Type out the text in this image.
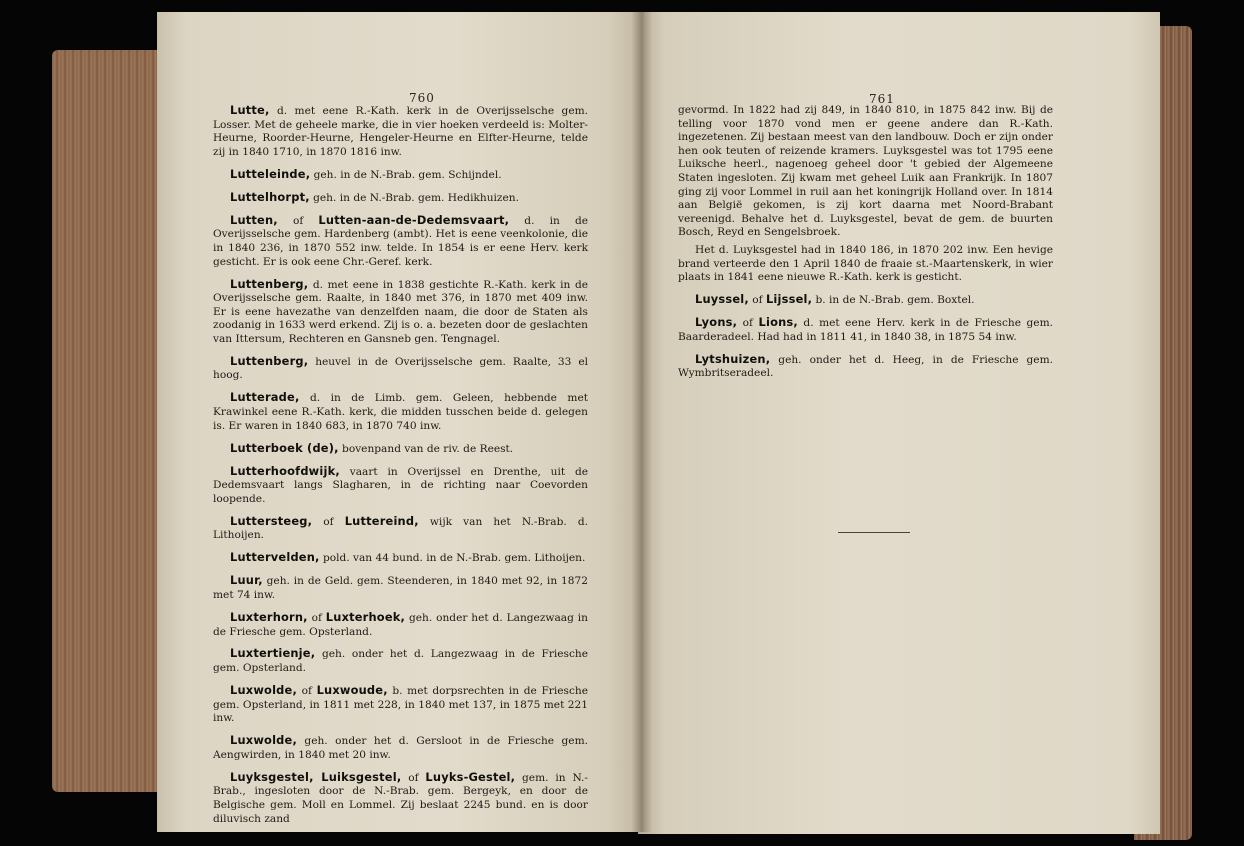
760	761

Lutte, d. met eene R.-Kath. kerk in de Overijsselsche gem. Losser. Met de geheele marke, die in vier hoeken verdeeld is: Molter-Heurne, Roorder-Heurne, Hengeler-Heurne en Elfter-Heurne, telde zij in 1840 1710, in 1870 1816 inw.

Lutteleinde, geh. in de N.-Brab. gem. Schijndel.

Luttelhorpt, geh. in de N.-Brab. gem. Hedikhuizen.

Lutten, of Lutten-aan-de-Dedemsvaart, d. in de Overijsselsche gem. Hardenberg (ambt). Het is eene veenkolonie, die in 1840 236, in 1870 552 inw. telde. In 1854 is er eene Herv. kerk gesticht. Er is ook eene Chr.-Geref. kerk.

Luttenberg, d. met eene in 1838 gestichte R.-Kath. kerk in de Overijsselsche gem. Raalte, in 1840 met 376, in 1870 met 409 inw. Er is eene havezathe van denzelfden naam, die door de Staten als zoodanig in 1633 werd erkend. Zij is o. a. bezeten door de geslachten van Ittersum, Rechteren en Gansneb gen. Tengnagel.

Luttenberg, heuvel in de Overijsselsche gem. Raalte, 33 el hoog.

Lutterade, d. in de Limb. gem. Geleen, hebbende met Krawinkel eene R.-Kath. kerk, die midden tusschen beide d. gelegen is. Er waren in 1840 683, in 1870 740 inw.

Lutterboek (de), bovenpand van de riv. de Reest.

Lutterhoofdwijk, vaart in Overijssel en Drenthe, uit de Dedemsvaart langs Slagharen, in de richting naar Coevorden loopende.

Luttersteeg, of Luttereind, wijk van het N.-Brab. d. Lithoijen.

Luttervelden, pold. van 44 bund. in de N.-Brab. gem. Lithoijen.

Luur, geh. in de Geld. gem. Steenderen, in 1840 met 92, in 1872 met 74 inw.

Luxterhorn, of Luxterhoek, geh. onder het d. Langezwaag in de Friesche gem. Opsterland.

Luxtertienje, geh. onder het d. Langezwaag in de Friesche gem. Opsterland.

Luxwolde, of Luxwoude, b. met dorpsrechten in de Friesche gem. Opsterland, in 1811 met 228, in 1840 met 137, in 1875 met 221 inw.

Luxwolde, geh. onder het d. Gersloot in de Friesche gem. Aengwirden, in 1840 met 20 inw.

Luyksgestel, Luiksgestel, of Luyks-Gestel, gem. in N.-Brab., ingesloten door de N.-Brab. gem. Bergeyk, en door de Belgische gem. Moll en Lommel. Zij beslaat 2245 bund. en is door diluvisch zand

gevormd. In 1822 had zij 849, in 1840 810, in 1875 842 inw. Bij de telling voor 1870 vond men er geene andere dan R.-Kath. ingezetenen. Zij bestaan meest van den landbouw. Doch er zijn onder hen ook teuten of reizende kramers. Luyksgestel was tot 1795 eene Luiksche heerl., nagenoeg geheel door 't gebied der Algemeene Staten ingesloten. Zij kwam met geheel Luik aan Frankrijk. In 1807 ging zij voor Lommel in ruil aan het koningrijk Holland over. In 1814 aan België gekomen, is zij kort daarna met Noord-Brabant vereenigd. Behalve het d. Luyksgestel, bevat de gem. de buurten Bosch, Reyd en Sengelsbroek.

Het d. Luyksgestel had in 1840 186, in 1870 202 inw. Een hevige brand verteerde den 1 April 1840 de fraaie st.-Maartenskerk, in wier plaats in 1841 eene nieuwe R.-Kath. kerk is gesticht.

Luyssel, of Lijssel, b. in de N.-Brab. gem. Boxtel.

Lyons, of Lions, d. met eene Herv. kerk in de Friesche gem. Baarderadeel. Had had in 1811 41, in 1840 38, in 1875 54 inw.

Lytshuizen, geh. onder het d. Heeg, in de Friesche gem. Wymbritseradeel.
